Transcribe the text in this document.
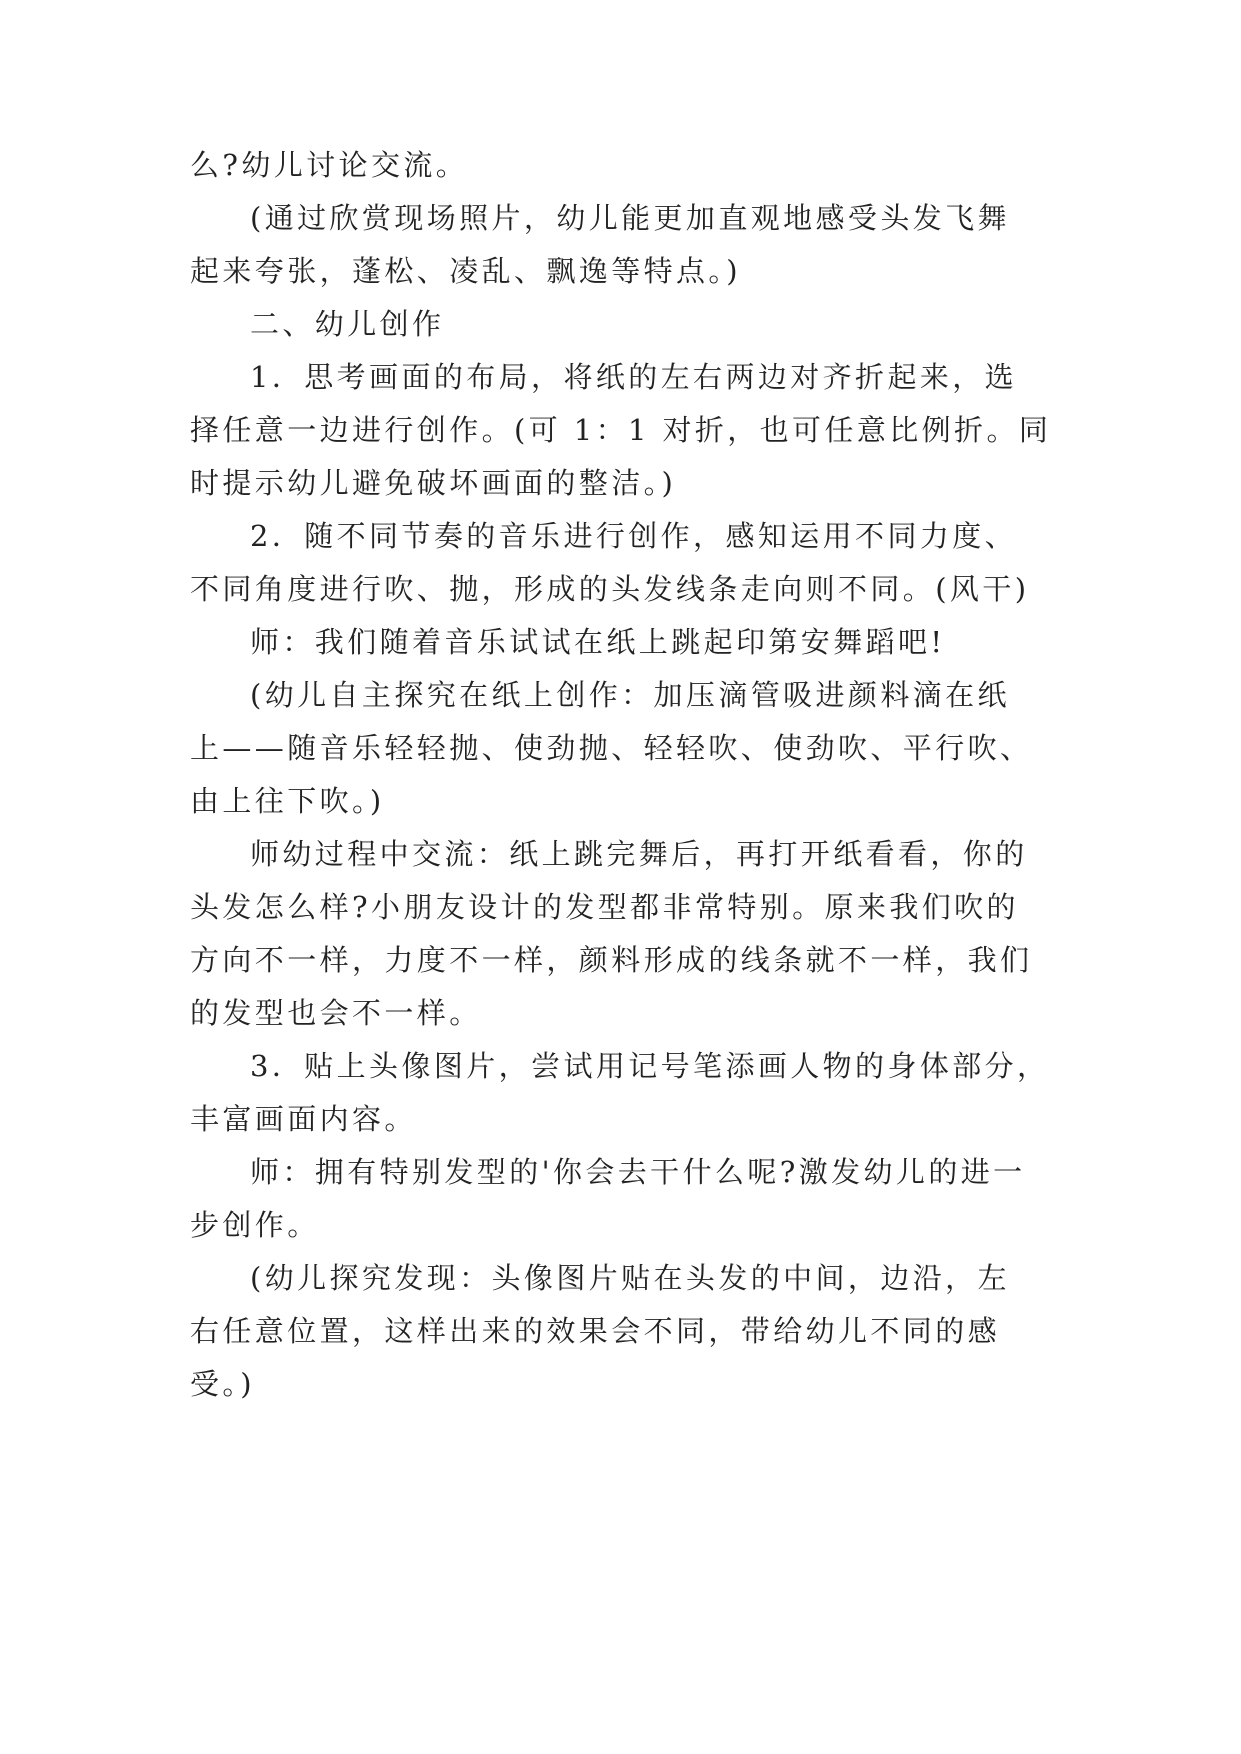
么?幼儿讨论交流。
(通过欣赏现场照片，幼儿能更加直观地感受头发飞舞
起来夸张，蓬松、凌乱、飘逸等特点。)
二、幼儿创作
1．思考画面的布局，将纸的左右两边对齐折起来，选
择任意一边进行创作。(可 1：1 对折，也可任意比例折。同
时提示幼儿避免破坏画面的整洁。)
2．随不同节奏的音乐进行创作，感知运用不同力度、
不同角度进行吹、抛，形成的头发线条走向则不同。(风干)
师：我们随着音乐试试在纸上跳起印第安舞蹈吧!
(幼儿自主探究在纸上创作：加压滴管吸进颜料滴在纸
上——随音乐轻轻抛、使劲抛、轻轻吹、使劲吹、平行吹、
由上往下吹。)
师幼过程中交流：纸上跳完舞后，再打开纸看看，你的
头发怎么样?小朋友设计的发型都非常特别。原来我们吹的
方向不一样，力度不一样，颜料形成的线条就不一样，我们
的发型也会不一样。
3．贴上头像图片，尝试用记号笔添画人物的身体部分，
丰富画面内容。
师：拥有特别发型的'你会去干什么呢?激发幼儿的进一
步创作。
(幼儿探究发现：头像图片贴在头发的中间，边沿，左
右任意位置，这样出来的效果会不同，带给幼儿不同的感
受。)
